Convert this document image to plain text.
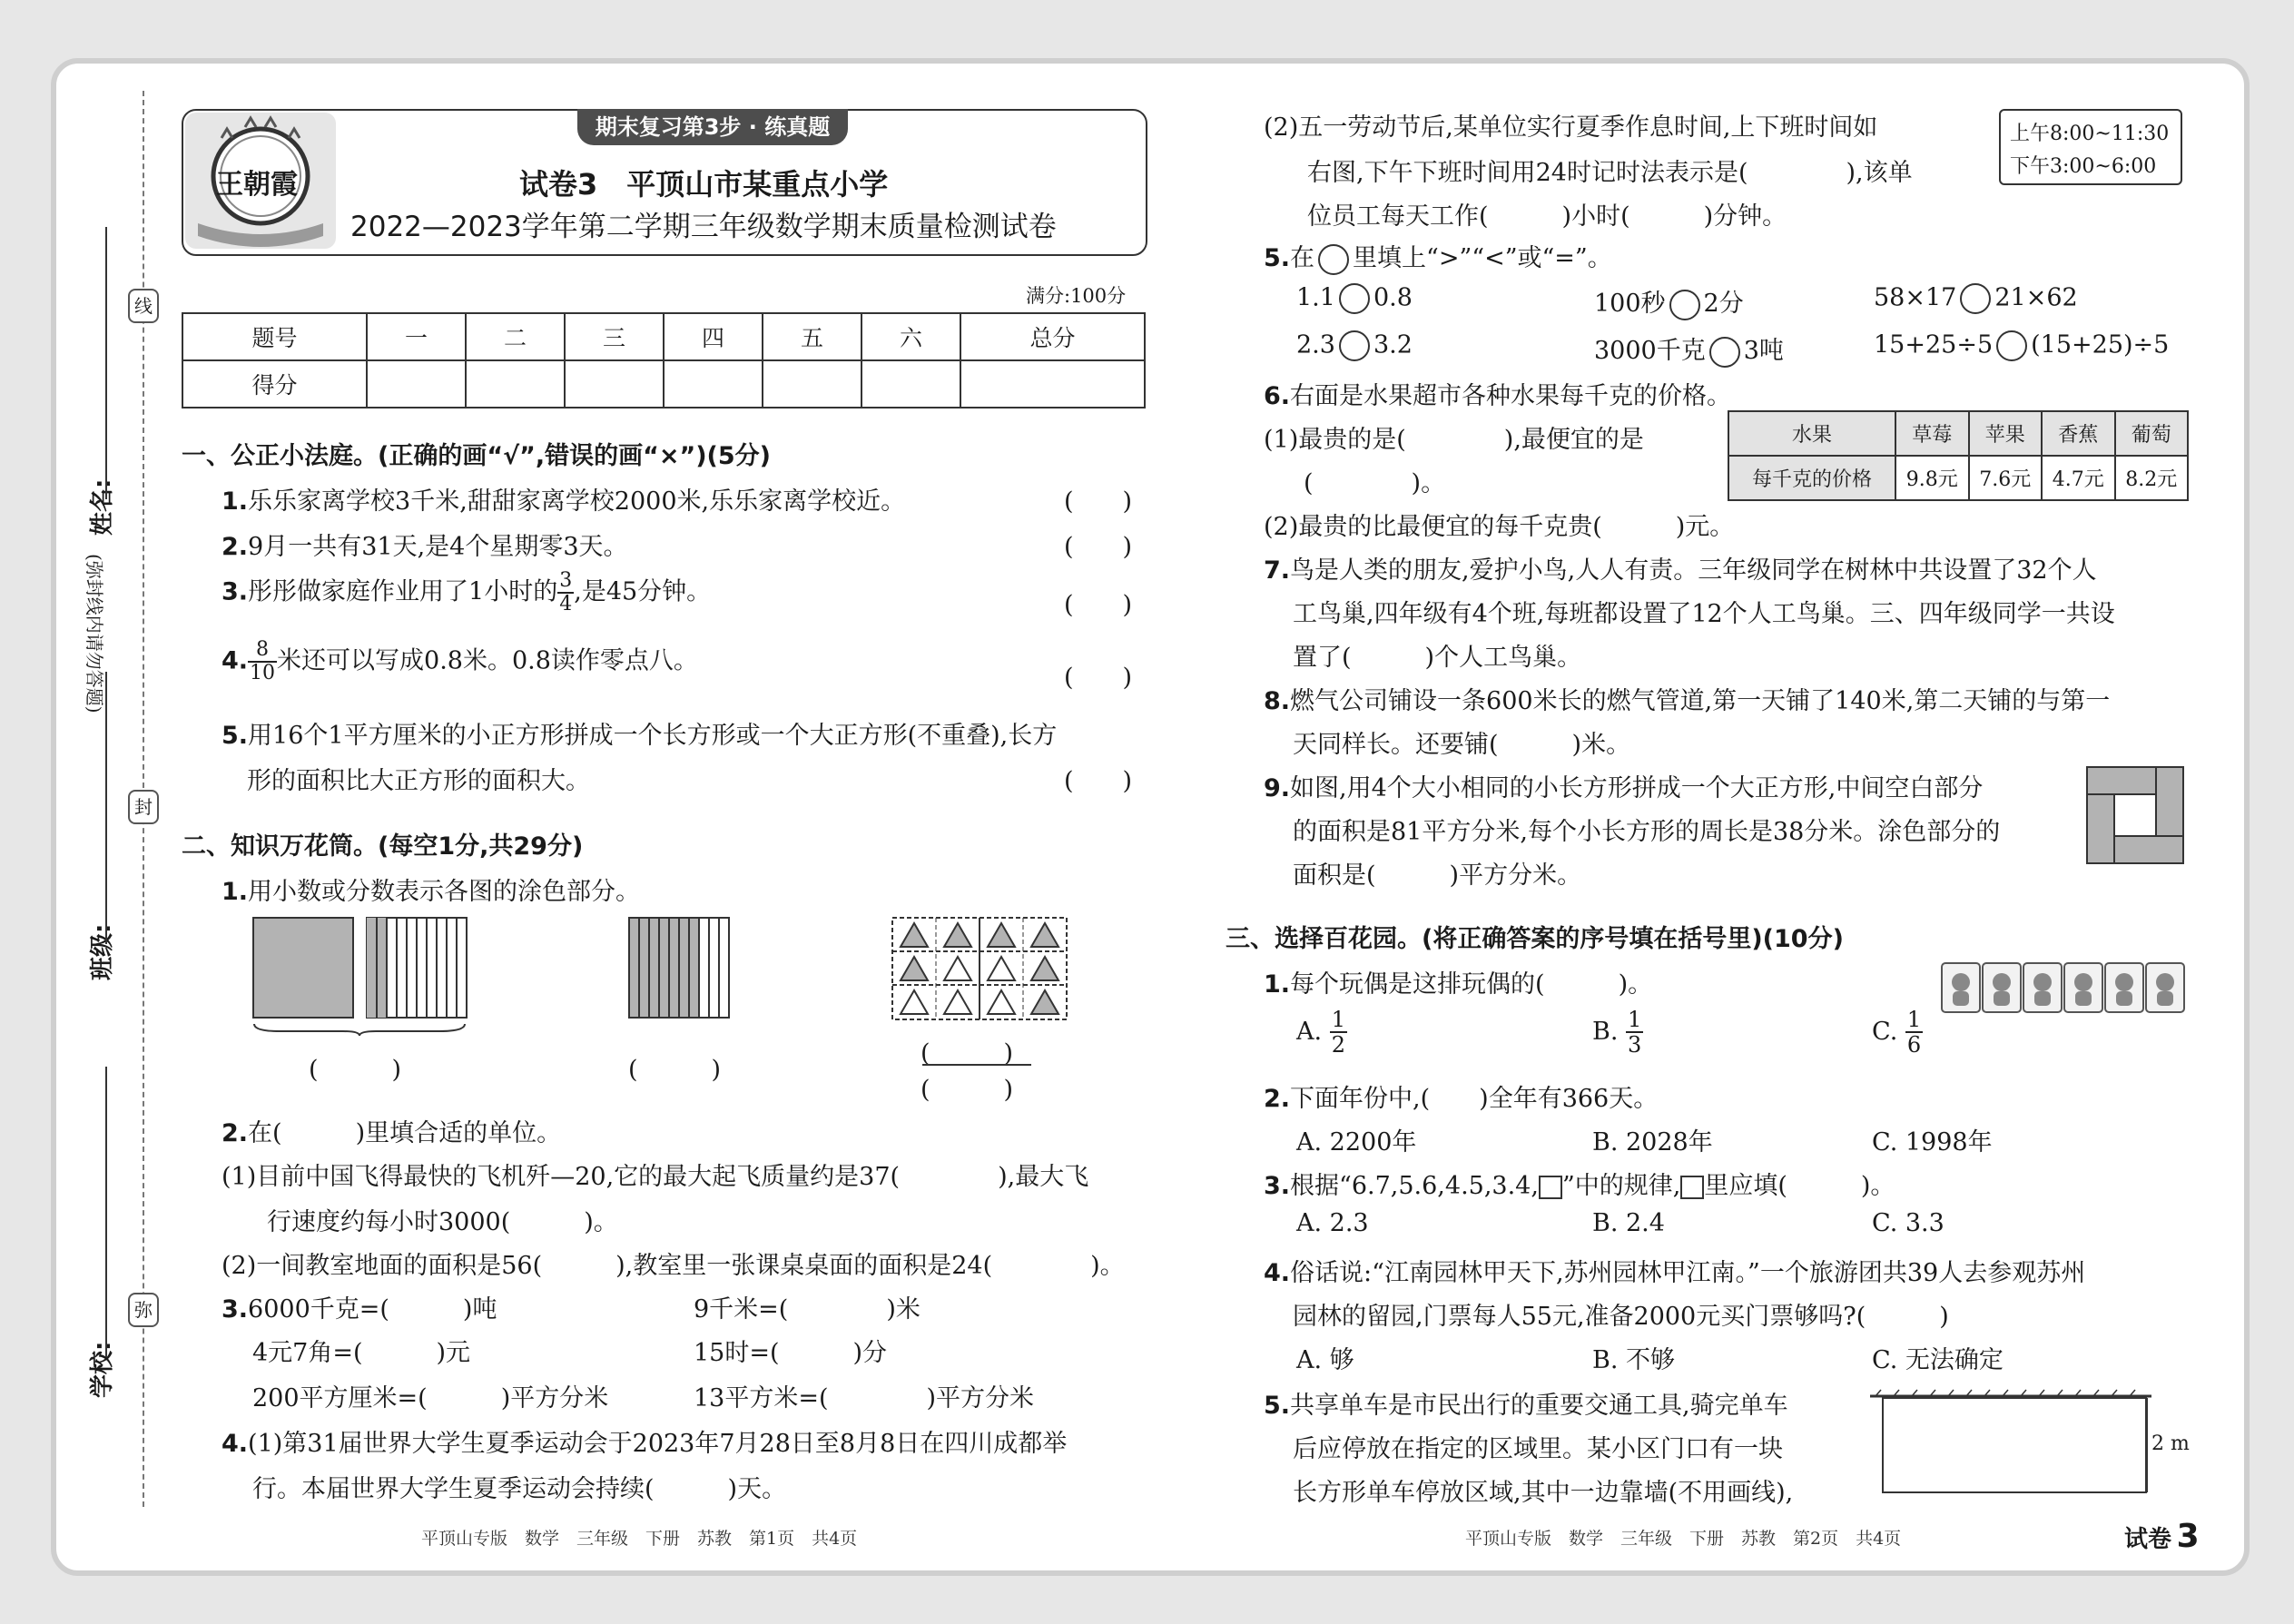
线
封
弥
(弥封线内请勿答题)
姓名:
班级:
学校:
王朝霞
期末复习第3步 · 练真题
试卷3　平顶山市某重点小学
2022—2023学年第二学期三年级数学期末质量检测试卷
满分:100分
题号	一	二	三	四	五	六	总分
得分							
一、公正小法庭。(正确的画“√”,错误的画“×”)(5分)
1.乐乐家离学校3千米,甜甜家离学校2000米,乐乐家离学校近。	(　　)
2.9月一共有31天,是4个星期零3天。	(　　)
3.彤彤做家庭作业用了1小时的 $\frac{3}{4}$ ,是45分钟。	(　　)
4. $\frac{8}{10}$ 米还可以写成0.8米。0.8读作零点八。
(　　)
5.用16个1平方厘米的小正方形拼成一个长方形或一个大正方形(不重叠),长方
形的面积比大正方形的面积大。	(　　)
二、知识万花筒。(每空1分,共29分)
1.用小数或分数表示各图的涂色部分。
(　　　)	(　　　)
(　　　)
(　　　)
2.在(　　　)里填合适的单位。
(1)目前中国飞得最快的飞机歼—20,它的最大起飞质量约是37(　　　　),最大飞
行速度约每小时3000(　　　)。
(2)一间教室地面的面积是56(　　　),教室里一张课桌桌面的面积是24(　　　　)。
3.6000千克=(　　　)吨	9千米=(　　　　)米
4元7角=(　　　)元	15时=(　　　)分
200平方厘米=(　　　)平方分米	13平方米=(　　　　)平方分米
4.(1)第31届世界大学生夏季运动会于2023年7月28日至8月8日在四川成都举
行。本届世界大学生夏季运动会持续(　　　)天。
平顶山专版　数学　三年级　下册　苏教　第1页　共4页
(2)五一劳动节后,某单位实行夏季作息时间,上下班时间如
右图,下午下班时间用24时记时法表示是(　　　　),该单
位员工每天工作(　　　)小时(　　　)分钟。
上午8:00~11:30
下午3:00~6:00
5.在 里填上“>”“<”或“=”。
1.1 0.8	100秒 2分	58×17 21×62
2.3 3.2	3000千克 3吨	15+25÷5 (15+25)÷5
6.右面是水果超市各种水果每千克的价格。
(1)最贵的是(　　　　),最便宜的是
(　　　　)。
(2)最贵的比最便宜的每千克贵(　　　)元。
水果	草莓	苹果	香蕉	葡萄
每千克的价格	9.8元	7.6元	4.7元	8.2元
7.鸟是人类的朋友,爱护小鸟,人人有责。三年级同学在树林中共设置了32个人
工鸟巢,四年级有4个班,每班都设置了12个人工鸟巢。三、四年级同学一共设
置了(　　　)个人工鸟巢。
8.燃气公司铺设一条600米长的燃气管道,第一天铺了140米,第二天铺的与第一
天同样长。还要铺(　　　)米。
9.如图,用4个大小相同的小长方形拼成一个大正方形,中间空白部分
的面积是81平方分米,每个小长方形的周长是38分米。涂色部分的
面积是(　　　)平方分米。
三、选择百花园。(将正确答案的序号填在括号里)(10分)
1.每个玩偶是这排玩偶的(　　　)。
A. $\frac{1}{2}$	B. $\frac{1}{3}$	C. $\frac{1}{6}$
2.下面年份中,(　　)全年有366天。
A. 2200年	B. 2028年	C. 1998年
3.根据“6.7,5.6,4.5,3.4, ”中的规律, 里应填(　　　)。
A. 2.3	B. 2.4	C. 3.3
4.俗话说:“江南园林甲天下,苏州园林甲江南。”一个旅游团共39人去参观苏州
园林的留园,门票每人55元,准备2000元买门票够吗?(　　　)
A. 够	B. 不够	C. 无法确定
5.共享单车是市民出行的重要交通工具,骑完单车
后应停放在指定的区域里。某小区门口有一块
长方形单车停放区域,其中一边靠墙(不用画线),
2 m
平顶山专版　数学　三年级　下册　苏教　第2页　共4页	试卷 3
